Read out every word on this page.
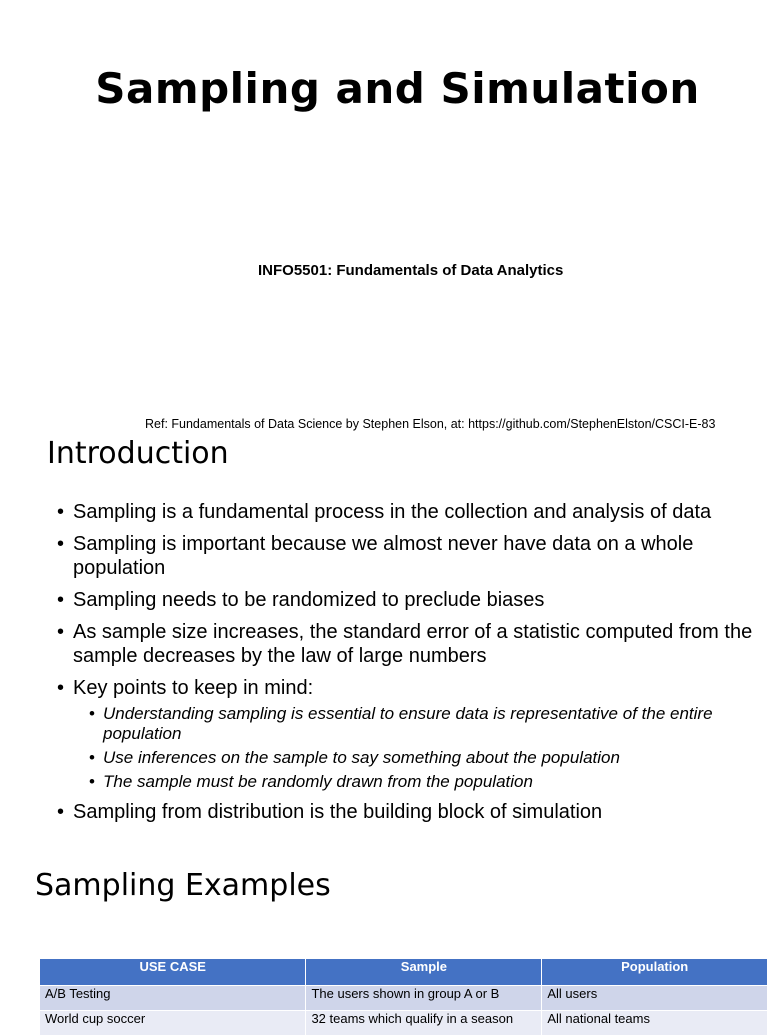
Sampling and Simulation
INFO5501: Fundamentals of Data Analytics
Ref: Fundamentals of Data Science by Stephen Elson, at: https://github.com/StephenElston/CSCI-E-83
Introduction
• Sampling is a fundamental process in the collection and analysis of data
• Sampling is important because we almost never have data on a whole population
• Sampling needs to be randomized to preclude biases
• As sample size increases, the standard error of a statistic computed from the sample decreases by the law of large numbers
• Key points to keep in mind:
• Understanding sampling is essential to ensure data is representative of the entire population
• Use inferences on the sample to say something about the population
• The sample must be randomly drawn from the population
• Sampling from distribution is the building block of simulation
Sampling Examples
USE CASE	Sample	Population
A/B Testing	The users shown in group A or B	All users
World cup soccer	32 teams which qualify in a season	All national teams
